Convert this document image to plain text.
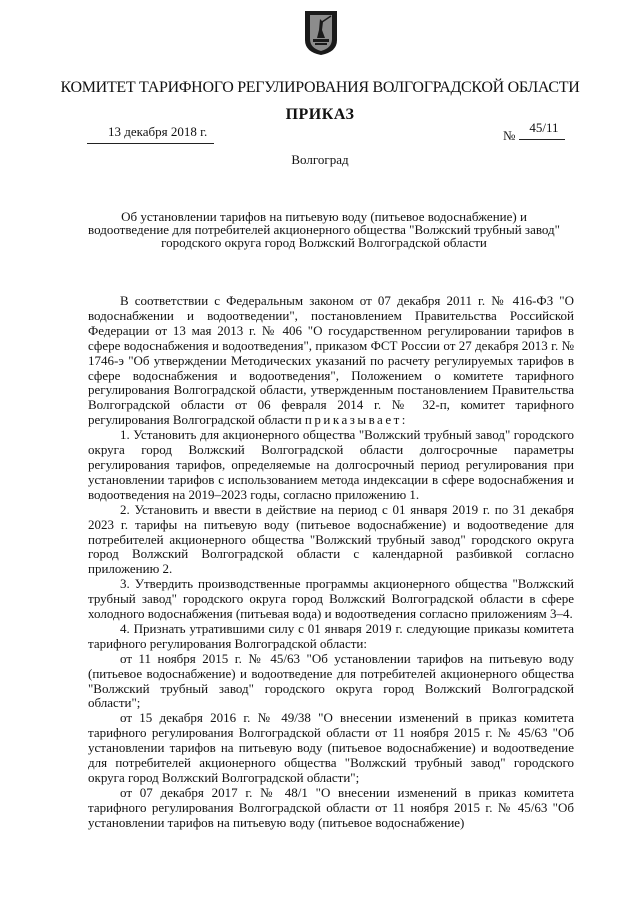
КОМИТЕТ ТАРИФНОГО РЕГУЛИРОВАНИЯ ВОЛГОГРАДСКОЙ ОБЛАСТИ
ПРИКАЗ
13 декабря 2018 г.	№
45/11
Волгоград
Об установлении тарифов на питьевую воду (питьевое водоснабжение) и водоотведение для потребителей акционерного общества "Волжский трубный завод" городского округа город Волжский Волгоградской области

В соответствии с Федеральным законом от 07 декабря 2011 г. № 416-ФЗ "О водоснабжении и водоотведении", постановлением Правительства Российской Федерации от 13 мая 2013 г. № 406 "О государственном регулировании тарифов в сфере водоснабжения и водоотведения", приказом ФСТ России от 27 декабря 2013 г. № 1746-э "Об утверждении Методических указаний по расчету регулируемых тарифов в сфере водоснабжения и водоотведения", Положением о комитете тарифного регулирования Волгоградской области, утвержденным постановлением Правительства Волгоградской области от 06 февраля 2014 г. № 32-п, комитет тарифного регулирования Волгоградской области приказывает:

1. Установить для акционерного общества "Волжский трубный завод" городского округа город Волжский Волгоградской области долгосрочные параметры регулирования тарифов, определяемые на долгосрочный период регулирования при установлении тарифов с использованием метода индексации в сфере водоснабжения и водоотведения на 2019–2023 годы, согласно приложению 1.

2. Установить и ввести в действие на период с 01 января 2019 г. по 31 декабря 2023 г. тарифы на питьевую воду (питьевое водоснабжение) и водоотведение для потребителей акционерного общества "Волжский трубный завод" городского округа город Волжский Волгоградской области с календарной разбивкой согласно приложению 2.

3. Утвердить производственные программы акционерного общества "Волжский трубный завод" городского округа город Волжский Волгоградской области в сфере холодного водоснабжения (питьевая вода) и водоотведения согласно приложениям 3–4.

4. Признать утратившими силу с 01 января 2019 г. следующие приказы комитета тарифного регулирования Волгоградской области:

от 11 ноября 2015 г. № 45/63 "Об установлении тарифов на питьевую воду (питьевое водоснабжение) и водоотведение для потребителей акционерного общества "Волжский трубный завод" городского округа город Волжский Волгоградской области";

от 15 декабря 2016 г. № 49/38 "О внесении изменений в приказ комитета тарифного регулирования Волгоградской области от 11 ноября 2015 г. № 45/63 "Об установлении тарифов на питьевую воду (питьевое водоснабжение) и водоотведение для потребителей акционерного общества "Волжский трубный завод" городского округа город Волжский Волгоградской области";

от 07 декабря 2017 г. № 48/1 "О внесении изменений в приказ комитета тарифного регулирования Волгоградской области от 11 ноября 2015 г. № 45/63 "Об установлении тарифов на питьевую воду (питьевое водоснабжение)
